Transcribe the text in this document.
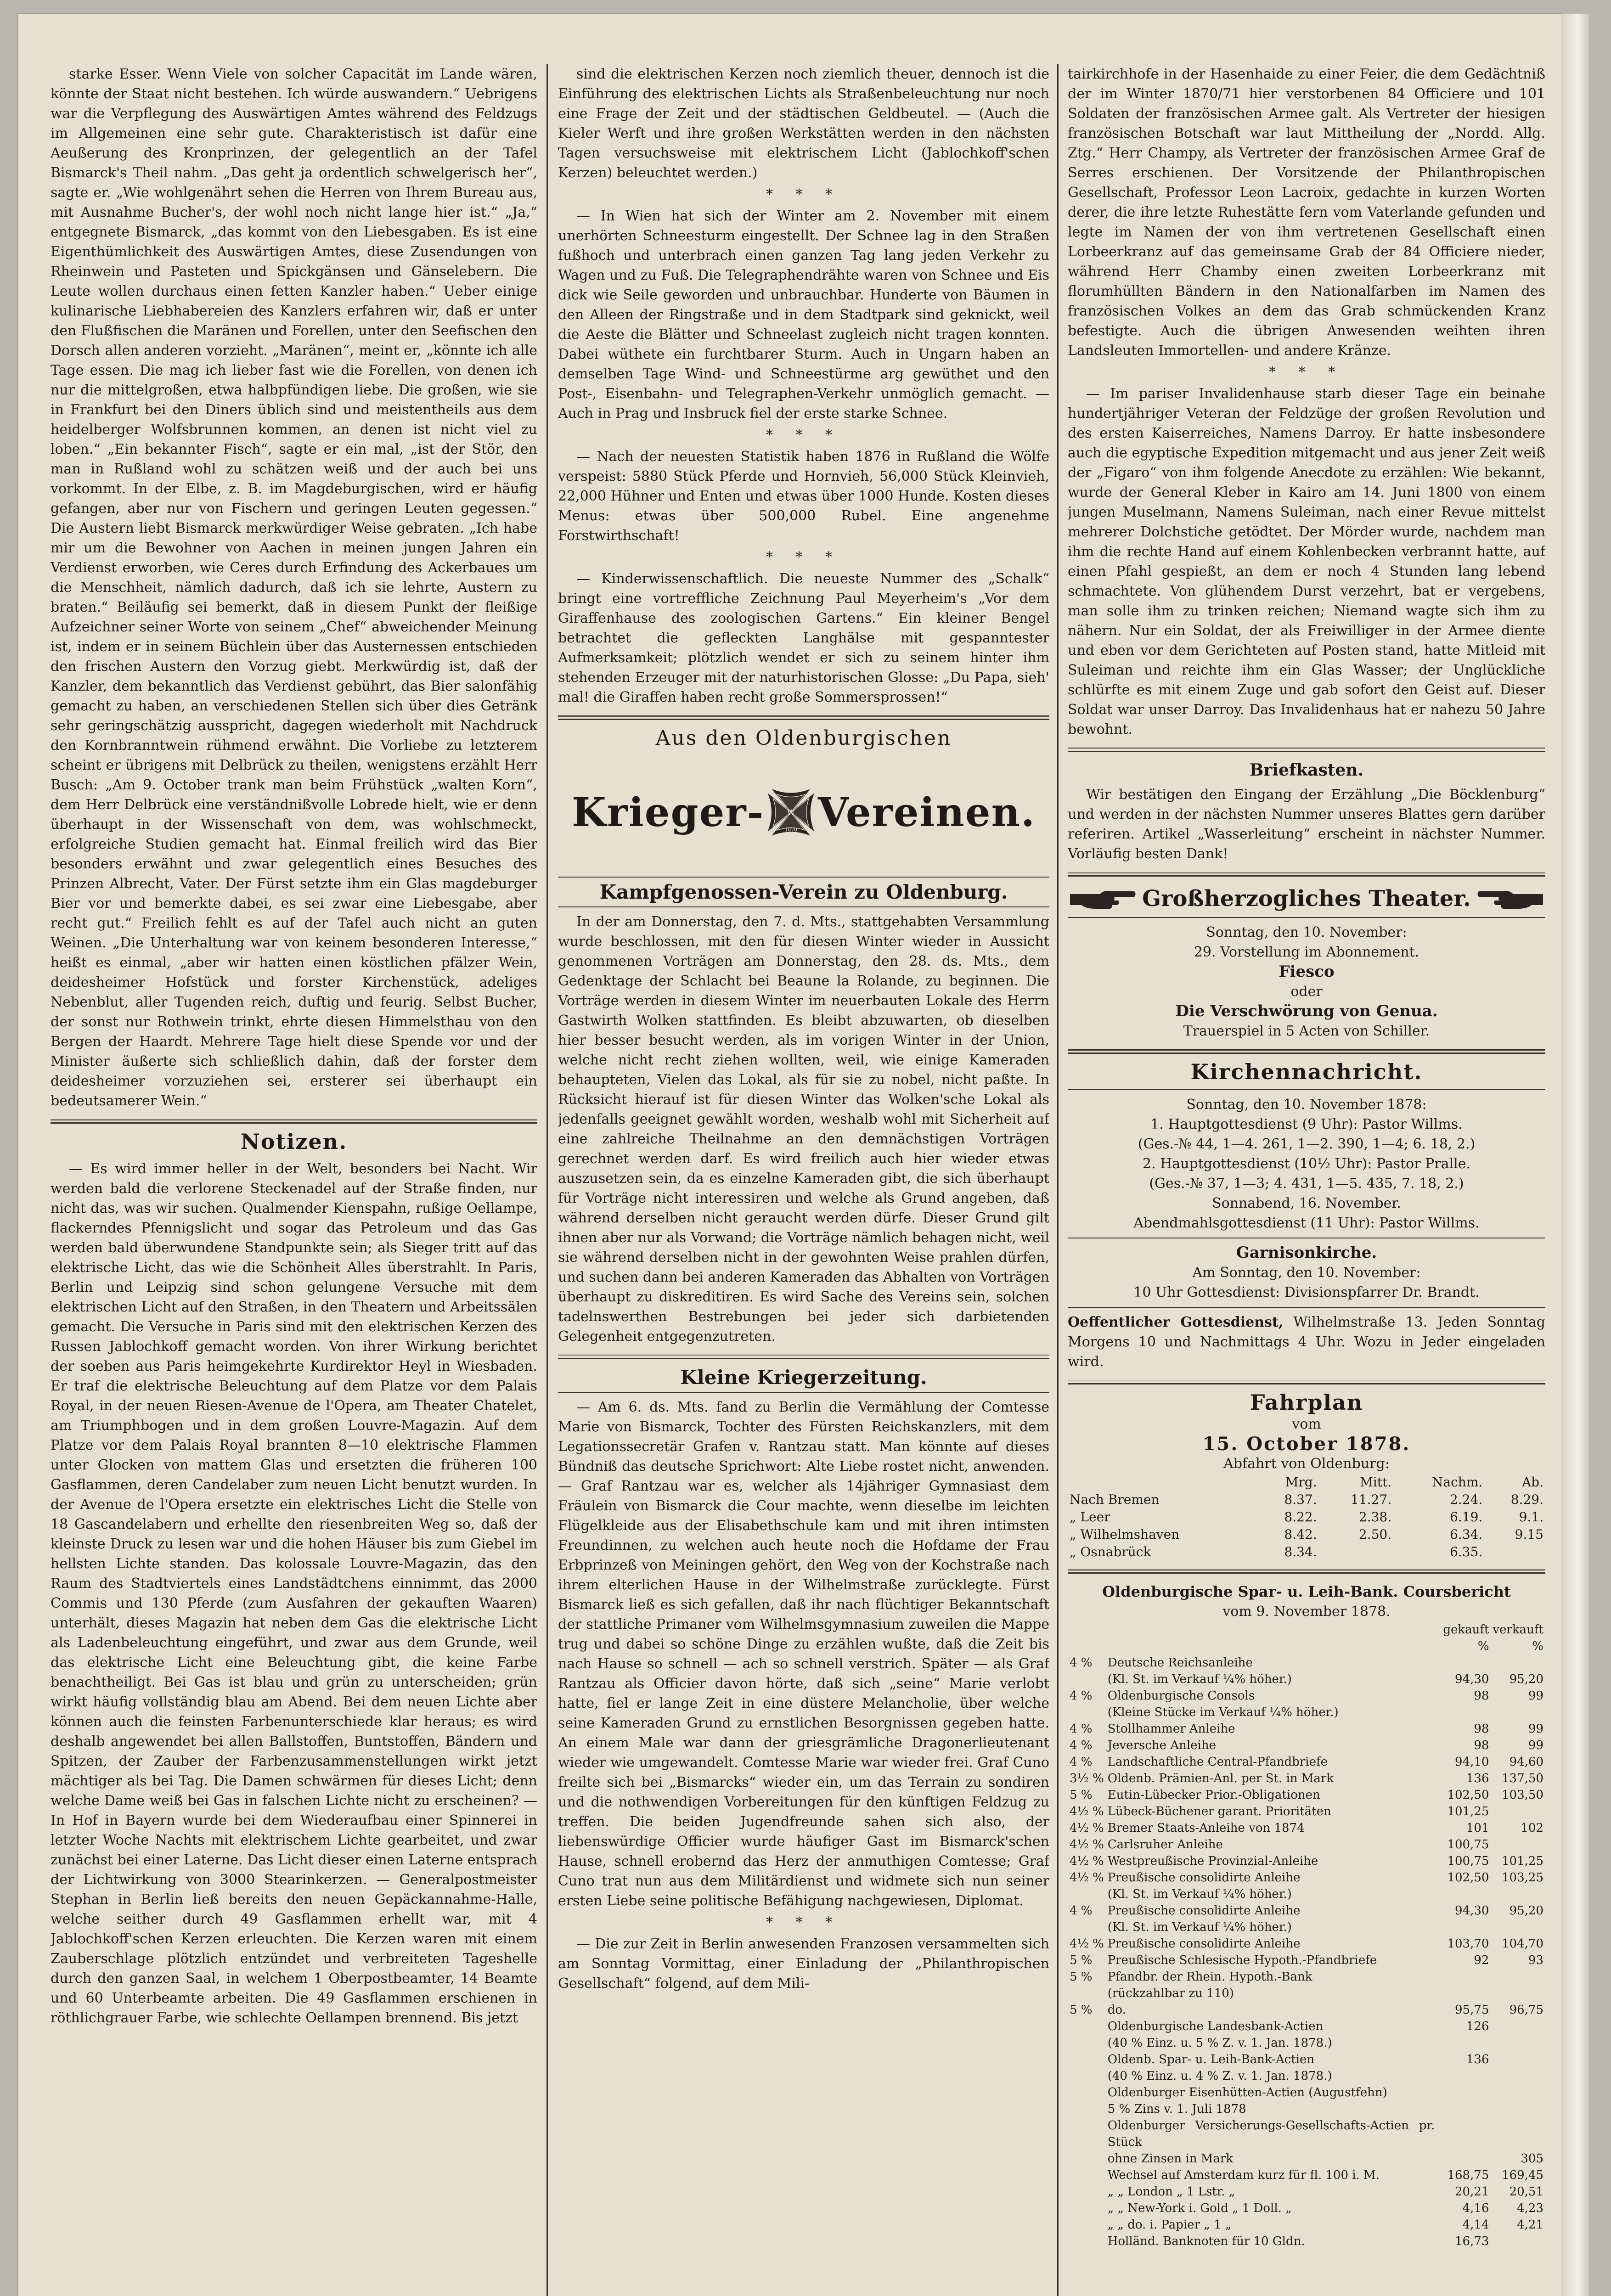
starke Esser. Wenn Viele von solcher Capacität im Lande wären, könnte der Staat nicht bestehen. Ich würde auswandern.“ Uebrigens war die Verpflegung des Auswärtigen Amtes während des Feldzugs im Allgemeinen eine sehr gute. Charakteristisch ist dafür eine Aeußerung des Kronprinzen, der gelegentlich an der Tafel Bismarck's Theil nahm. „Das geht ja ordentlich schwelgerisch her“, sagte er. „Wie wohlgenährt sehen die Herren von Ihrem Bureau aus, mit Ausnahme Bucher's, der wohl noch nicht lange hier ist.“ „Ja,“ entgegnete Bismarck, „das kommt von den Liebesgaben. Es ist eine Eigenthümlichkeit des Auswärtigen Amtes, diese Zusendungen von Rheinwein und Pasteten und Spickgänsen und Gänselebern. Die Leute wollen durchaus einen fetten Kanzler haben.“ Ueber einige kulinarische Liebhabereien des Kanzlers erfahren wir, daß er unter den Flußfischen die Maränen und Forellen, unter den Seefischen den Dorsch allen anderen vorzieht. „Maränen“, meint er, „könnte ich alle Tage essen. Die mag ich lieber fast wie die Forellen, von denen ich nur die mittelgroßen, etwa halbpfündigen liebe. Die großen, wie sie in Frankfurt bei den Diners üblich sind und meistentheils aus dem heidelberger Wolfsbrunnen kommen, an denen ist nicht viel zu loben.“ „Ein bekannter Fisch“, sagte er ein mal, „ist der Stör, den man in Rußland wohl zu schätzen weiß und der auch bei uns vorkommt. In der Elbe, z. B. im Magdeburgischen, wird er häufig gefangen, aber nur von Fischern und geringen Leuten gegessen.“ Die Austern liebt Bismarck merkwürdiger Weise gebraten. „Ich habe mir um die Bewohner von Aachen in meinen jungen Jahren ein Verdienst erworben, wie Ceres durch Erfindung des Ackerbaues um die Menschheit, nämlich dadurch, daß ich sie lehrte, Austern zu braten.“ Beiläufig sei bemerkt, daß in diesem Punkt der fleißige Aufzeichner seiner Worte von seinem „Chef“ abweichender Meinung ist, indem er in seinem Büchlein über das Austernessen entschieden den frischen Austern den Vorzug giebt. Merkwürdig ist, daß der Kanzler, dem bekanntlich das Verdienst gebührt, das Bier salonfähig gemacht zu haben, an verschiedenen Stellen sich über dies Getränk sehr geringschätzig ausspricht, dagegen wiederholt mit Nachdruck den Kornbranntwein rühmend erwähnt. Die Vorliebe zu letzterem scheint er übrigens mit Delbrück zu theilen, wenigstens erzählt Herr Busch: „Am 9. October trank man beim Frühstück „walten Korn“, dem Herr Delbrück eine verständnißvolle Lobrede hielt, wie er denn überhaupt in der Wissenschaft von dem, was wohlschmeckt, erfolgreiche Studien gemacht hat. Einmal freilich wird das Bier besonders erwähnt und zwar gelegentlich eines Besuches des Prinzen Albrecht, Vater. Der Fürst setzte ihm ein Glas magdeburger Bier vor und bemerkte dabei, es sei zwar eine Liebesgabe, aber recht gut.“ Freilich fehlt es auf der Tafel auch nicht an guten Weinen. „Die Unterhaltung war von keinem besonderen Interesse,“ heißt es einmal, „aber wir hatten einen köstlichen pfälzer Wein, deidesheimer Hofstück und forster Kirchenstück, adeliges Nebenblut, aller Tugenden reich, duftig und feurig. Selbst Bucher, der sonst nur Rothwein trinkt, ehrte diesen Himmelsthau von den Bergen der Haardt. Mehrere Tage hielt diese Spende vor und der Minister äußerte sich schließlich dahin, daß der forster dem deidesheimer vorzuziehen sei, ersterer sei überhaupt ein bedeutsamerer Wein.“

Notizen.

— Es wird immer heller in der Welt, besonders bei Nacht. Wir werden bald die verlorene Steckenadel auf der Straße finden, nur nicht das, was wir suchen. Qualmender Kienspahn, rußige Oellampe, flackerndes Pfennigslicht und sogar das Petroleum und das Gas werden bald überwundene Standpunkte sein; als Sieger tritt auf das elektrische Licht, das wie die Schönheit Alles überstrahlt. In Paris, Berlin und Leipzig sind schon gelungene Versuche mit dem elektrischen Licht auf den Straßen, in den Theatern und Arbeitssälen gemacht. Die Versuche in Paris sind mit den elektrischen Kerzen des Russen Jablochkoff gemacht worden. Von ihrer Wirkung berichtet der soeben aus Paris heimgekehrte Kurdirektor Heyl in Wiesbaden. Er traf die elektrische Beleuchtung auf dem Platze vor dem Palais Royal, in der neuen Riesen-Avenue de l'Opera, am Theater Chatelet, am Triumphbogen und in dem großen Louvre-Magazin. Auf dem Platze vor dem Palais Royal brannten 8—10 elektrische Flammen unter Glocken von mattem Glas und ersetzten die früheren 100 Gasflammen, deren Candelaber zum neuen Licht benutzt wurden. In der Avenue de l'Opera ersetzte ein elektrisches Licht die Stelle von 18 Gascandelabern und erhellte den riesenbreiten Weg so, daß der kleinste Druck zu lesen war und die hohen Häuser bis zum Giebel im hellsten Lichte standen. Das kolossale Louvre-Magazin, das den Raum des Stadtviertels eines Landstädtchens einnimmt, das 2000 Commis und 130 Pferde (zum Ausfahren der gekauften Waaren) unterhält, dieses Magazin hat neben dem Gas die elektrische Licht als Ladenbeleuchtung eingeführt, und zwar aus dem Grunde, weil das elektrische Licht eine Beleuchtung gibt, die keine Farbe benachtheiligt. Bei Gas ist blau und grün zu unterscheiden; grün wirkt häufig vollständig blau am Abend. Bei dem neuen Lichte aber können auch die feinsten Farbenunterschiede klar heraus; es wird deshalb angewendet bei allen Ballstoffen, Buntstoffen, Bändern und Spitzen, der Zauber der Farbenzusammenstellungen wirkt jetzt mächtiger als bei Tag. Die Damen schwärmen für dieses Licht; denn welche Dame weiß bei Gas in falschen Lichte nicht zu erscheinen? — In Hof in Bayern wurde bei dem Wiederaufbau einer Spinnerei in letzter Woche Nachts mit elektrischem Lichte gearbeitet, und zwar zunächst bei einer Laterne. Das Licht dieser einen Laterne entsprach der Lichtwirkung von 3000 Stearinkerzen. — Generalpostmeister Stephan in Berlin ließ bereits den neuen Gepäckannahme-Halle, welche seither durch 49 Gasflammen erhellt war, mit 4 Jablochkoff'schen Kerzen erleuchten. Die Kerzen waren mit einem Zauberschlage plötzlich entzündet und verbreiteten Tageshelle durch den ganzen Saal, in welchem 1 Oberpostbeamter, 14 Beamte und 60 Unterbeamte arbeiten. Die 49 Gasflammen erschienen in röthlichgrauer Farbe, wie schlechte Oellampen brennend. Bis jetzt

sind die elektrischen Kerzen noch ziemlich theuer, dennoch ist die Einführung des elektrischen Lichts als Straßenbeleuchtung nur noch eine Frage der Zeit und der städtischen Geldbeutel. — (Auch die Kieler Werft und ihre großen Werkstätten werden in den nächsten Tagen versuchsweise mit elektrischem Licht (Jablochkoff'schen Kerzen) beleuchtet werden.)

* * *

— In Wien hat sich der Winter am 2. November mit einem unerhörten Schneesturm eingestellt. Der Schnee lag in den Straßen fußhoch und unterbrach einen ganzen Tag lang jeden Verkehr zu Wagen und zu Fuß. Die Telegraphendrähte waren von Schnee und Eis dick wie Seile geworden und unbrauchbar. Hunderte von Bäumen in den Alleen der Ringstraße und in dem Stadtpark sind geknickt, weil die Aeste die Blätter und Schneelast zugleich nicht tragen konnten. Dabei wüthete ein furchtbarer Sturm. Auch in Ungarn haben an demselben Tage Wind- und Schneestürme arg gewüthet und den Post-, Eisenbahn- und Telegraphen-Verkehr unmöglich gemacht. — Auch in Prag und Insbruck fiel der erste starke Schnee.

* * *

— Nach der neuesten Statistik haben 1876 in Rußland die Wölfe verspeist: 5880 Stück Pferde und Hornvieh, 56,000 Stück Kleinvieh, 22,000 Hühner und Enten und etwas über 1000 Hunde. Kosten dieses Menus: etwas über 500,000 Rubel. Eine angenehme Forstwirthschaft!

* * *

— Kinderwissenschaftlich. Die neueste Nummer des „Schalk“ bringt eine vortreffliche Zeichnung Paul Meyerheim's „Vor dem Giraffenhause des zoologischen Gartens.“ Ein kleiner Bengel betrachtet die gefleckten Langhälse mit gespanntester Aufmerksamkeit; plötzlich wendet er sich zu seinem hinter ihm stehenden Erzeuger mit der naturhistorischen Glosse: „Du Papa, sieh' mal! die Giraffen haben recht große Sommersprossen!“

Aus den Oldenburgischen
Krieger- W
1870 Vereinen.
Kampfgenossen-Verein zu Oldenburg.

In der am Donnerstag, den 7. d. Mts., stattgehabten Versammlung wurde beschlossen, mit den für diesen Winter wieder in Aussicht genommenen Vorträgen am Donnerstag, den 28. ds. Mts., dem Gedenktage der Schlacht bei Beaune la Rolande, zu beginnen. Die Vorträge werden in diesem Winter im neuerbauten Lokale des Herrn Gastwirth Wolken stattfinden. Es bleibt abzuwarten, ob dieselben hier besser besucht werden, als im vorigen Winter in der Union, welche nicht recht ziehen wollten, weil, wie einige Kameraden behaupteten, Vielen das Lokal, als für sie zu nobel, nicht paßte. In Rücksicht hierauf ist für diesen Winter das Wolken'sche Lokal als jedenfalls geeignet gewählt worden, weshalb wohl mit Sicherheit auf eine zahlreiche Theilnahme an den demnächstigen Vorträgen gerechnet werden darf. Es wird freilich auch hier wieder etwas auszusetzen sein, da es einzelne Kameraden gibt, die sich überhaupt für Vorträge nicht interessiren und welche als Grund angeben, daß während derselben nicht geraucht werden dürfe. Dieser Grund gilt ihnen aber nur als Vorwand; die Vorträge nämlich behagen nicht, weil sie während derselben nicht in der gewohnten Weise prahlen dürfen, und suchen dann bei anderen Kameraden das Abhalten von Vorträgen überhaupt zu diskreditiren. Es wird Sache des Vereins sein, solchen tadelnswerthen Bestrebungen bei jeder sich darbietenden Gelegenheit entgegenzutreten.

Kleine Kriegerzeitung.

— Am 6. ds. Mts. fand zu Berlin die Vermählung der Comtesse Marie von Bismarck, Tochter des Fürsten Reichskanzlers, mit dem Legationssecretär Grafen v. Rantzau statt. Man könnte auf dieses Bündniß das deutsche Sprichwort: Alte Liebe rostet nicht, anwenden. — Graf Rantzau war es, welcher als 14jähriger Gymnasiast dem Fräulein von Bismarck die Cour machte, wenn dieselbe im leichten Flügelkleide aus der Elisabethschule kam und mit ihren intimsten Freundinnen, zu welchen auch heute noch die Hofdame der Frau Erbprinzeß von Meiningen gehört, den Weg von der Kochstraße nach ihrem elterlichen Hause in der Wilhelmstraße zurücklegte. Fürst Bismarck ließ es sich gefallen, daß ihr nach flüchtiger Bekanntschaft der stattliche Primaner vom Wilhelmsgymnasium zuweilen die Mappe trug und dabei so schöne Dinge zu erzählen wußte, daß die Zeit bis nach Hause so schnell — ach so schnell verstrich. Später — als Graf Rantzau als Officier davon hörte, daß sich „seine“ Marie verlobt hatte, fiel er lange Zeit in eine düstere Melancholie, über welche seine Kameraden Grund zu ernstlichen Besorgnissen gegeben hatte. An einem Male war dann der griesgrämliche Dragonerlieutenant wieder wie umgewandelt. Comtesse Marie war wieder frei. Graf Cuno freilte sich bei „Bismarcks“ wieder ein, um das Terrain zu sondiren und die nothwendigen Vorbereitungen für den künftigen Feldzug zu treffen. Die beiden Jugendfreunde sahen sich also, der liebenswürdige Officier wurde häufiger Gast im Bismarck'schen Hause, schnell erobernd das Herz der anmuthigen Comtesse; Graf Cuno trat nun aus dem Militärdienst und widmete sich nun seiner ersten Liebe seine politische Befähigung nachgewiesen, Diplomat.

* * *

— Die zur Zeit in Berlin anwesenden Franzosen versammelten sich am Sonntag Vormittag, einer Einladung der „Philanthropischen Gesellschaft“ folgend, auf dem Mili-

tairkirchhofe in der Hasenhaide zu einer Feier, die dem Gedächtniß der im Winter 1870/71 hier verstorbenen 84 Officiere und 101 Soldaten der französischen Armee galt. Als Vertreter der hiesigen französischen Botschaft war laut Mittheilung der „Nordd. Allg. Ztg.“ Herr Champy, als Vertreter der französischen Armee Graf de Serres erschienen. Der Vorsitzende der Philanthropischen Gesellschaft, Professor Leon Lacroix, gedachte in kurzen Worten derer, die ihre letzte Ruhestätte fern vom Vaterlande gefunden und legte im Namen der von ihm vertretenen Gesellschaft einen Lorbeerkranz auf das gemeinsame Grab der 84 Officiere nieder, während Herr Chamby einen zweiten Lorbeerkranz mit florumhüllten Bändern in den Nationalfarben im Namen des französischen Volkes an dem das Grab schmückenden Kranz befestigte. Auch die übrigen Anwesenden weihten ihren Landsleuten Immortellen- und andere Kränze.

* * *

— Im pariser Invalidenhause starb dieser Tage ein beinahe hundertjähriger Veteran der Feldzüge der großen Revolution und des ersten Kaiserreiches, Namens Darroy. Er hatte insbesondere auch die egyptische Expedition mitgemacht und aus jener Zeit weiß der „Figaro“ von ihm folgende Anecdote zu erzählen: Wie bekannt, wurde der General Kleber in Kairo am 14. Juni 1800 von einem jungen Muselmann, Namens Suleiman, nach einer Revue mittelst mehrerer Dolchstiche getödtet. Der Mörder wurde, nachdem man ihm die rechte Hand auf einem Kohlenbecken verbrannt hatte, auf einen Pfahl gespießt, an dem er noch 4 Stunden lang lebend schmachtete. Von glühendem Durst verzehrt, bat er vergebens, man solle ihm zu trinken reichen; Niemand wagte sich ihm zu nähern. Nur ein Soldat, der als Freiwilliger in der Armee diente und eben vor dem Gerichteten auf Posten stand, hatte Mitleid mit Suleiman und reichte ihm ein Glas Wasser; der Unglückliche schlürfte es mit einem Zuge und gab sofort den Geist auf. Dieser Soldat war unser Darroy. Das Invalidenhaus hat er nahezu 50 Jahre bewohnt.

Briefkasten.

Wir bestätigen den Eingang der Erzählung „Die Böcklenburg“ und werden in der nächsten Nummer unseres Blattes gern darüber referiren. Artikel „Wasserleitung“ erscheint in nächster Nummer. Vorläufig besten Dank!

Großherzogliches Theater.
Sonntag, den 10. November:
29. Vorstellung im Abonnement.
Fiesco
oder
Die Verschwörung von Genua.
Trauerspiel in 5 Acten von Schiller.
Kirchennachricht.
Sonntag, den 10. November 1878:
1. Hauptgottesdienst (9 Uhr): Pastor Willms.
(Ges.-№ 44, 1—4. 261, 1—2. 390, 1—4; 6. 18, 2.)
2. Hauptgottesdienst (10½ Uhr): Pastor Pralle.
(Ges.-№ 37, 1—3; 4. 431, 1—5. 435, 7. 18, 2.)
Sonnabend, 16. November.
Abendmahlsgottesdienst (11 Uhr): Pastor Willms.
Garnisonkirche.
Am Sonntag, den 10. November:
10 Uhr Gottesdienst: Divisionspfarrer Dr. Brandt.
Oeffentlicher Gottesdienst, Wilhelmstraße 13. Jeden Sonntag Morgens 10 und Nachmittags 4 Uhr. Wozu in Jeder eingeladen wird.
Fahrplan
vom
15. October 1878.
Abfahrt von Oldenburg:
	Mrg.	Mitt.	Nachm.	Ab.
Nach Bremen	8.37.	11.27.	2.24.	8.29.
„ Leer	8.22.	2.38.	6.19.	9.1.
„ Wilhelmshaven	8.42.	2.50.	6.34.	9.15
„ Osnabrück	8.34.		6.35.	
Oldenburgische Spar- u. Leih-Bank. Coursbericht
vom 9. November 1878.
		gekauft	verkauft
		%	%
4 %	Deutsche Reichsanleihe		
	(Kl. St. im Verkauf ¼% höher.)	94,30	95,20
4 %	Oldenburgische Consols	98	99
	(Kleine Stücke im Verkauf ¼% höher.)		
4 %	Stollhammer Anleihe	98	99
4 %	Jeversche Anleihe	98	99
4 %	Landschaftliche Central-Pfandbriefe	94,10	94,60
3½ %	Oldenb. Prämien-Anl. per St. in Mark	136	137,50
5 %	Eutin-Lübecker Prior.-Obligationen	102,50	103,50
4½ %	Lübeck-Büchener garant. Prioritäten	101,25	
4½ %	Bremer Staats-Anleihe von 1874	101	102
4½ %	Carlsruher Anleihe	100,75	
4½ %	Westpreußische Provinzial-Anleihe	100,75	101,25
4½ %	Preußische consolidirte Anleihe	102,50	103,25
	(Kl. St. im Verkauf ¼% höher.)		
4 %	Preußische consolidirte Anleihe	94,30	95,20
	(Kl. St. im Verkauf ¼% höher.)		
4½ %	Preußische consolidirte Anleihe	103,70	104,70
5 %	Preußische Schlesische Hypoth.-Pfandbriefe	92	93
5 %	Pfandbr. der Rhein. Hypoth.-Bank		
	(rückzahlbar zu 110)		
5 %	do.	95,75	96,75
	Oldenburgische Landesbank-Actien	126	
	(40 % Einz. u. 5 % Z. v. 1. Jan. 1878.)		
	Oldenb. Spar- u. Leih-Bank-Actien	136	
	(40 % Einz. u. 4 % Z. v. 1. Jan. 1878.)		
	Oldenburger Eisenhütten-Actien (Augustfehn)		
	5 % Zins v. 1. Juli 1878		
	Oldenburger Versicherungs-Gesellschafts-Actien pr. Stück		
	ohne Zinsen in Mark		305
	Wechsel auf Amsterdam kurz für fl. 100 i. M.	168,75	169,45
	„ „ London „ 1 Lstr. „	20,21	20,51
	„ „ New-York i. Gold „ 1 Doll. „	4,16	4,23
	„ „ do. i. Papier „ 1 „	4,14	4,21
	Holländ. Banknoten für 10 Gldn.	16,73	
